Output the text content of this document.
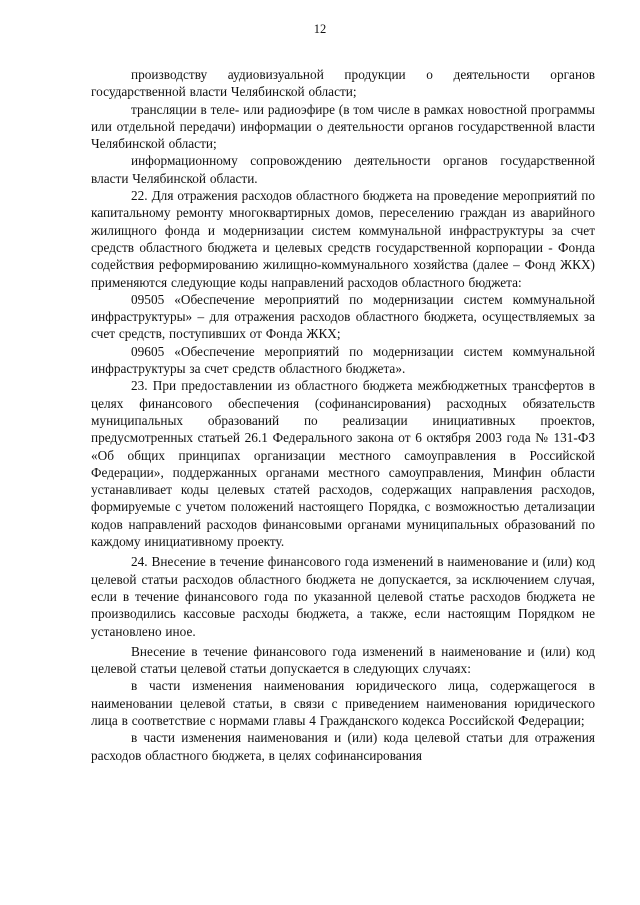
12

производству аудиовизуальной продукции о деятельности органов государственной власти Челябинской области;

трансляции в теле- или радиоэфире (в том числе в рамках новостной программы или отдельной передачи) информации о деятельности органов государственной власти Челябинской области;

информационному сопровождению деятельности органов государственной власти Челябинской области.

22. Для отражения расходов областного бюджета на проведение мероприятий по капитальному ремонту многоквартирных домов, переселению граждан из аварийного жилищного фонда и модернизации систем коммунальной инфраструктуры за счет средств областного бюджета и целевых средств государственной корпорации - Фонда содействия реформированию жилищно-коммунального хозяйства (далее – Фонд ЖКХ) применяются следующие коды направлений расходов областного бюджета:

09505 «Обеспечение мероприятий по модернизации систем коммунальной инфраструктуры» – для отражения расходов областного бюджета, осуществляемых за счет средств, поступивших от Фонда ЖКХ;

09605 «Обеспечение мероприятий по модернизации систем коммунальной инфраструктуры за счет средств областного бюджета».

23. При предоставлении из областного бюджета межбюджетных трансфертов в целях финансового обеспечения (софинансирования) расходных обязательств муниципальных образований по реализации инициативных проектов, предусмотренных статьей 26.1 Федерального закона от 6 октября 2003 года № 131-ФЗ «Об общих принципах организации местного самоуправления в Российской Федерации», поддержанных органами местного самоуправления, Минфин области устанавливает коды целевых статей расходов, содержащих направления расходов, формируемые с учетом положений настоящего Порядка, с возможностью детализации кодов направлений расходов финансовыми органами муниципальных образований по каждому инициативному проекту.

24. Внесение в течение финансового года изменений в наименование и (или) код целевой статьи расходов областного бюджета не допускается, за исключением случая, если в течение финансового года по указанной целевой статье расходов бюджета не производились кассовые расходы бюджета, а также, если настоящим Порядком не установлено иное.

Внесение в течение финансового года изменений в наименование и (или) код целевой статьи целевой статьи допускается в следующих случаях:

в части изменения наименования юридического лица, содержащегося в наименовании целевой статьи, в связи с приведением наименования юридического лица в соответствие с нормами главы 4 Гражданского кодекса Российской Федерации;

в части изменения наименования и (или) кода целевой статьи для отражения расходов областного бюджета, в целях софинансирования
